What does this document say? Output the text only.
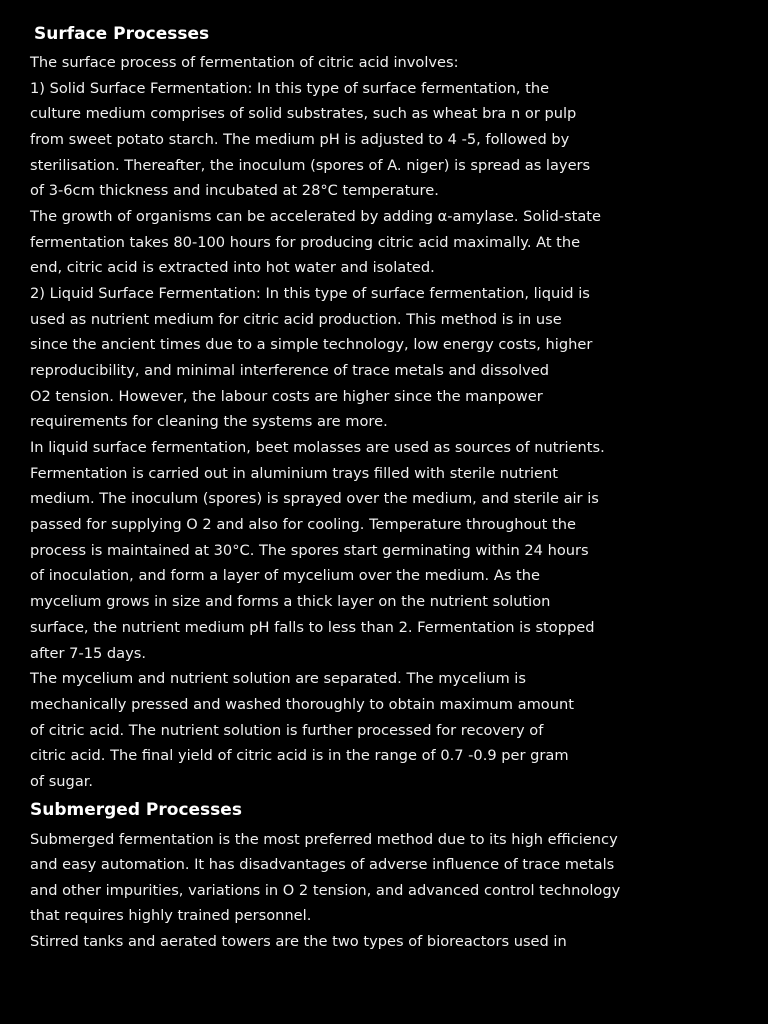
Surface Processes
The surface process of fermentation of citric acid involves:
1) Solid Surface Fermentation: In this type of surface fermentation, the
culture medium comprises of solid substrates, such as wheat bra n or pulp
from sweet potato starch. The medium pH is adjusted to 4 -5, followed by
sterilisation. Thereafter, the inoculum (spores of A. niger) is spread as layers
of 3-6cm thickness and incubated at 28°C temperature.
The growth of organisms can be accelerated by adding α-amylase. Solid-state
fermentation takes 80-100 hours for producing citric acid maximally. At the
end, citric acid is extracted into hot water and isolated.
2) Liquid Surface Fermentation: In this type of surface fermentation, liquid is
used as nutrient medium for citric acid production. This method is in use
since the ancient times due to a simple technology, low energy costs, higher
reproducibility, and minimal interference of trace metals and dissolved
O2 tension. However, the labour costs are higher since the manpower
requirements for cleaning the systems are more.
In liquid surface fermentation, beet molasses are used as sources of nutrients.
Fermentation is carried out in aluminium trays filled with sterile nutrient
medium. The inoculum (spores) is sprayed over the medium, and sterile air is
passed for supplying O 2 and also for cooling. Temperature throughout the
process is maintained at 30°C. The spores start germinating within 24 hours
of inoculation, and form a layer of mycelium over the medium. As the
mycelium grows in size and forms a thick layer on the nutrient solution
surface, the nutrient medium pH falls to less than 2. Fermentation is stopped
after 7-15 days.
The mycelium and nutrient solution are separated. The mycelium is
mechanically pressed and washed thoroughly to obtain maximum amount
of citric acid. The nutrient solution is further processed for recovery of
citric acid. The final yield of citric acid is in the range of 0.7 -0.9 per gram
of sugar.
Submerged Processes
Submerged fermentation is the most preferred method due to its high efficiency
and easy automation. It has disadvantages of adverse influence of trace metals
and other impurities, variations in O 2 tension, and advanced control technology
that requires highly trained personnel.
Stirred tanks and aerated towers are the two types of bioreactors used in
